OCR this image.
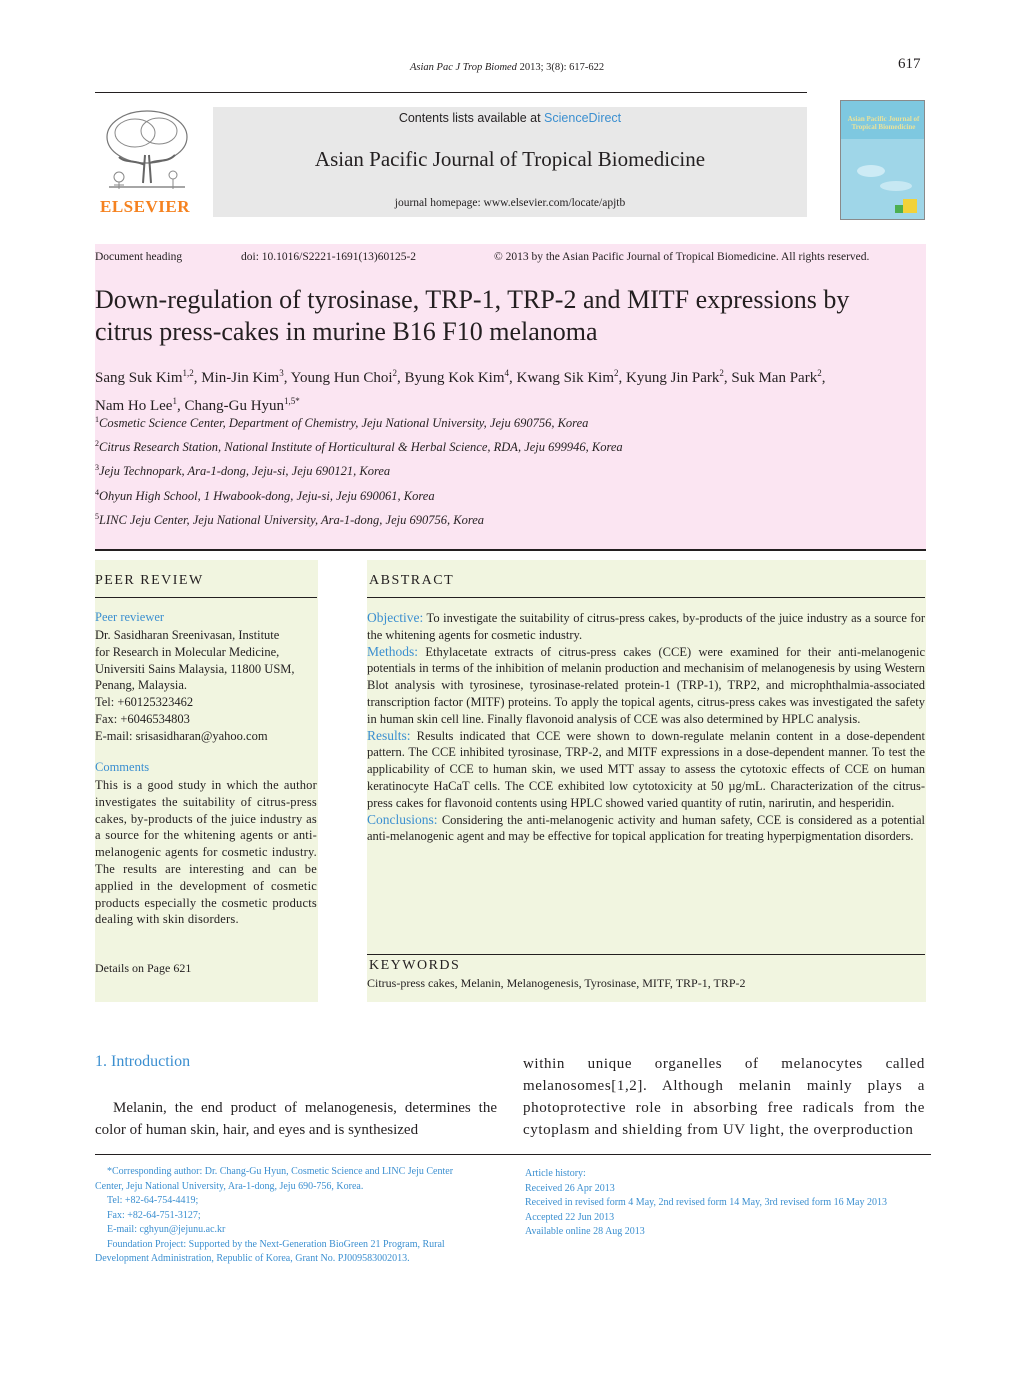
Asian Pac J Trop Biomed 2013; 3(8): 617-622	617
ELSEVIER
Contents lists available at ScienceDirect
Asian Pacific Journal of Tropical Biomedicine
journal homepage: www.elsevier.com/locate/apjtb
Asian Pacific Journal of Tropical Biomedicine
Document heading	doi: 10.1016/S2221-1691(13)60125-2	© 2013 by the Asian Pacific Journal of Tropical Biomedicine. All rights reserved.
Down-regulation of tyrosinase, TRP-1, TRP-2 and MITF expressions by
citrus press-cakes in murine B16 F10 melanoma
Sang Suk Kim$^{1,2}$, Min-Jin Kim$^3$, Young Hun Choi$^2$, Byung Kok Kim$^4$, Kwang Sik Kim$^2$, Kyung Jin Park$^2$, Suk Man Park$^2$,
Nam Ho Lee$^1$, Chang-Gu Hyun$^{1,5*}$
$^1$Cosmetic Science Center, Department of Chemistry, Jeju National University, Jeju 690756, Korea
$^2$Citrus Research Station, National Institute of Horticultural & Herbal Science, RDA, Jeju 699946, Korea
$^3$Jeju Technopark, Ara-1-dong, Jeju-si, Jeju 690121, Korea
$^4$Ohyun High School, 1 Hwabook-dong, Jeju-si, Jeju 690061, Korea
$^5$LINC Jeju Center, Jeju National University, Ara-1-dong, Jeju 690756, Korea
PEER REVIEW
Peer reviewer
Dr. Sasidharan Sreenivasan, Institute
for Research in Molecular Medicine,
Universiti Sains Malaysia, 11800 USM,
Penang, Malaysia.
Tel: +60125323462
Fax: +6046534803
E-mail: srisasidharan@yahoo.com
Comments
This is a good study in which the author investigates the suitability of citrus-press cakes, by-products of the juice industry as a source for the whitening agents or anti-melanogenic agents for cosmetic industry. The results are interesting and can be applied in the development of cosmetic products especially the cosmetic products dealing with skin disorders.
Details on Page 621
ABSTRACT
Objective: To investigate the suitability of citrus-press cakes, by-products of the juice industry as a source for the whitening agents for cosmetic industry.
Methods: Ethylacetate extracts of citrus-press cakes (CCE) were examined for their anti-melanogenic potentials in terms of the inhibition of melanin production and mechanisim of melanogenesis by using Western Blot analysis with tyrosinese, tyrosinase-related protein-1 (TRP-1), TRP2, and microphthalmia-associated transcription factor (MITF) proteins. To apply the topical agents, citrus-press cakes was investigated the safety in human skin cell line. Finally flavonoid analysis of CCE was also determined by HPLC analysis.
Results: Results indicated that CCE were shown to down-regulate melanin content in a dose-dependent pattern. The CCE inhibited tyrosinase, TRP-2, and MITF expressions in a dose-dependent manner. To test the applicability of CCE to human skin, we used MTT assay to assess the cytotoxic effects of CCE on human keratinocyte HaCaT cells. The CCE exhibited low cytotoxicity at 50 µg/mL. Characterization of the citrus-press cakes for flavonoid contents using HPLC showed varied quantity of rutin, narirutin, and hesperidin.
Conclusions: Considering the anti-melanogenic activity and human safety, CCE is considered as a potential anti-melanogenic agent and may be effective for topical application for treating hyperpigmentation disorders.
KEYWORDS
Citrus-press cakes, Melanin, Melanogenesis, Tyrosinase, MITF, TRP-1, TRP-2
1. Introduction
Melanin, the end product of melanogenesis, determines the color of human skin, hair, and eyes and is synthesized
within unique organelles of melanocytes called melanosomes[1,2]. Although melanin mainly plays a photoprotective role in absorbing free radicals from the cytoplasm and shielding from UV light, the overproduction
*Corresponding author: Dr. Chang-Gu Hyun, Cosmetic Science and LINC Jeju Center
Center, Jeju National University, Ara-1-dong, Jeju 690-756, Korea.
Tel: +82-64-754-4419;
Fax: +82-64-751-3127;
E-mail: cghyun@jejunu.ac.kr
Foundation Project: Supported by the Next-Generation BioGreen 21 Program, Rural
Development Administration, Republic of Korea, Grant No. PJ009583002013.
Article history:
Received 26 Apr 2013
Received in revised form 4 May, 2nd revised form 14 May, 3rd revised form 16 May 2013
Accepted 22 Jun 2013
Available online 28 Aug 2013
